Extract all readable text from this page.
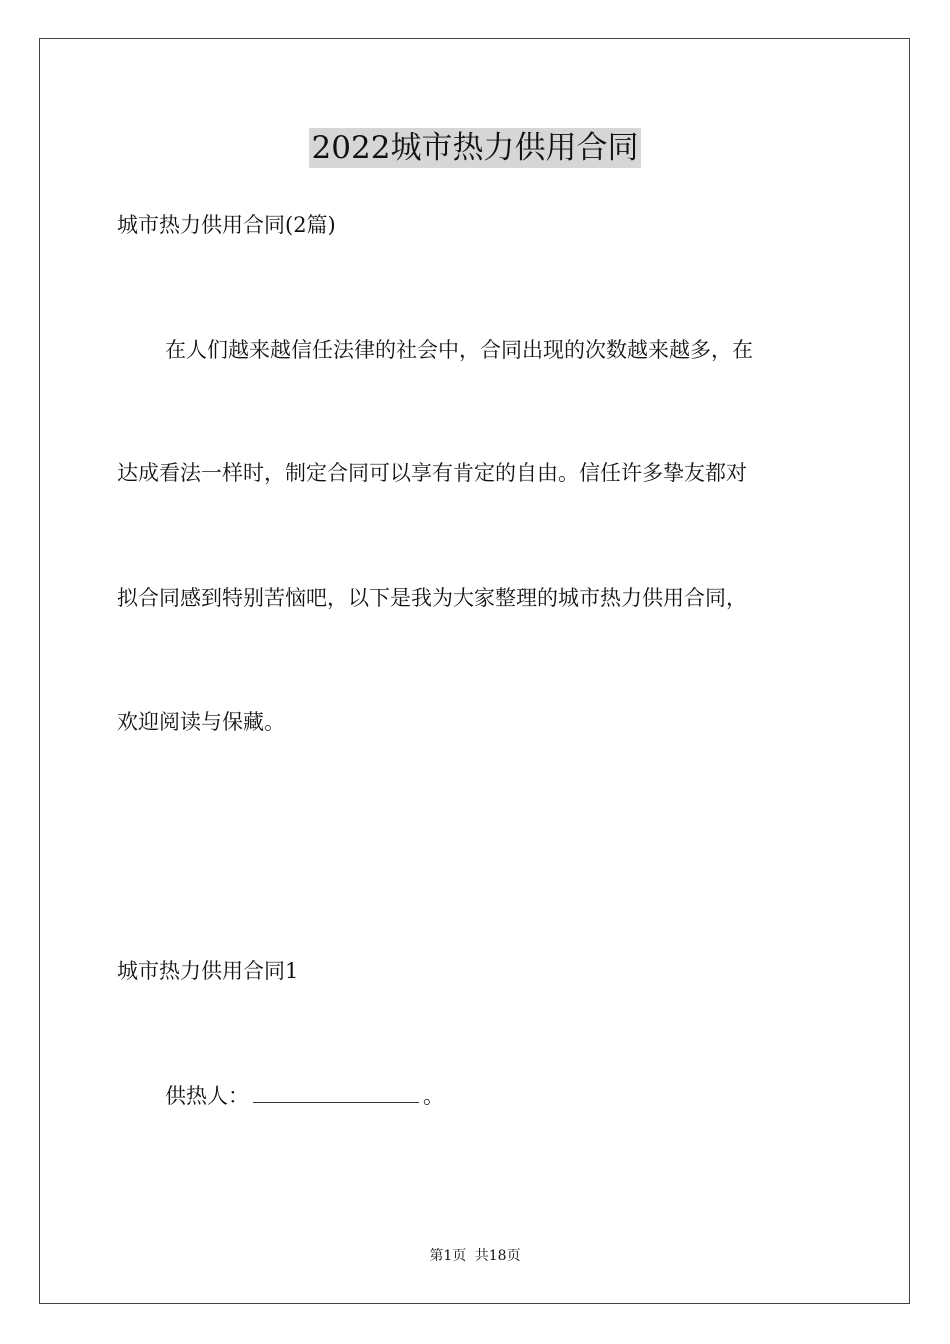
2022城市热力供用合同
城市热力供用合同(2篇)
在人们越来越信任法律的社会中，合同出现的次数越来越多，在
达成看法一样时，制定合同可以享有肯定的自由。信任许多挚友都对
拟合同感到特别苦恼吧，以下是我为大家整理的城市热力供用合同，
欢迎阅读与保藏。
城市热力供用合同1
供热人：	。
第1页 共18页
